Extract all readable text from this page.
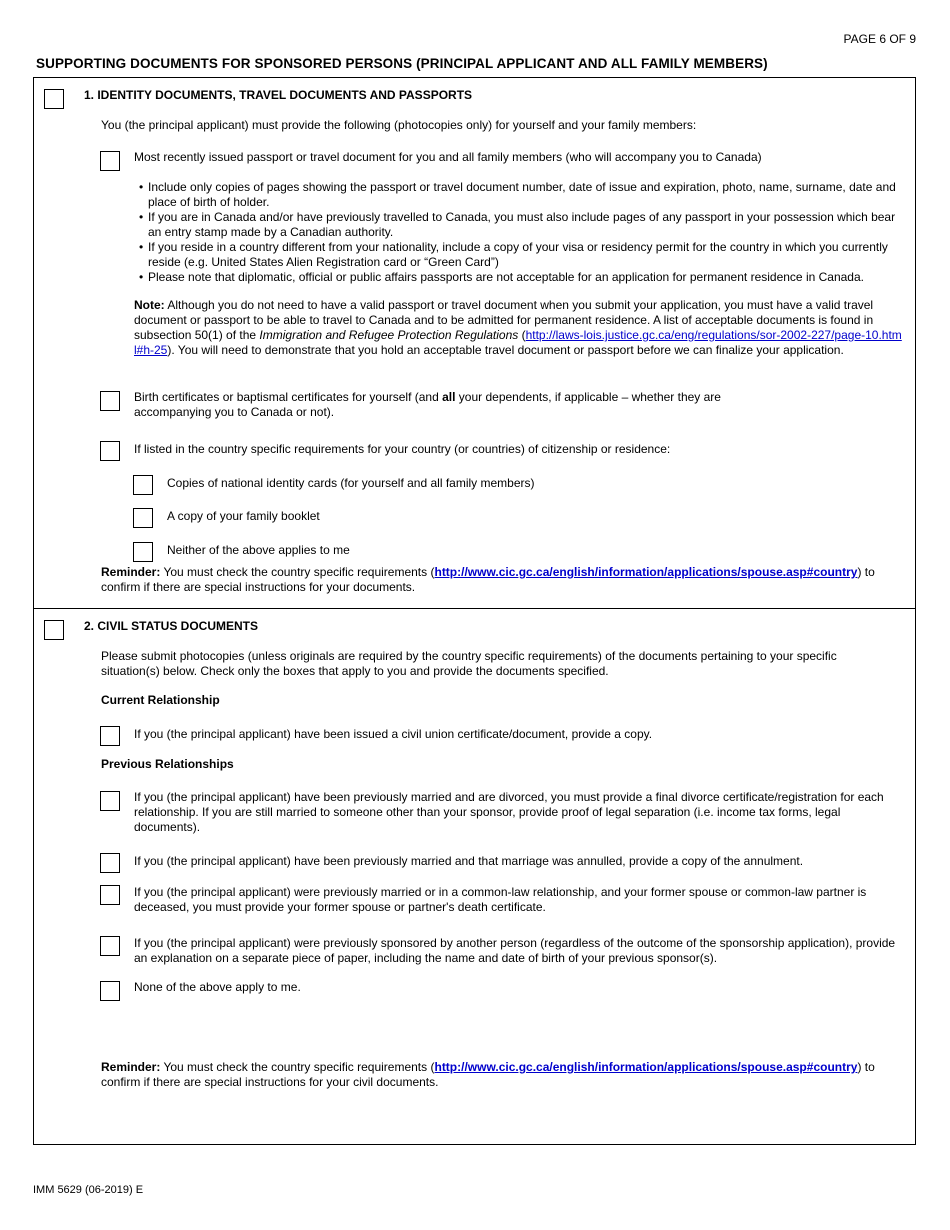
PAGE 6 OF 9
SUPPORTING DOCUMENTS FOR SPONSORED PERSONS (PRINCIPAL APPLICANT AND ALL FAMILY MEMBERS)
1. IDENTITY DOCUMENTS, TRAVEL DOCUMENTS AND PASSPORTS
You (the principal applicant) must provide the following (photocopies only) for yourself and your family members:
Most recently issued passport or travel document for you and all family members (who will accompany you to Canada)
• Include only copies of pages showing the passport or travel document number, date of issue and expiration, photo, name, surname, date and place of birth of holder.
• If you are in Canada and/or have previously travelled to Canada, you must also include pages of any passport in your possession which bear an entry stamp made by a Canadian authority.
• If you reside in a country different from your nationality, include a copy of your visa or residency permit for the country in which you currently reside (e.g. United States Alien Registration card or “Green Card”)
• Please note that diplomatic, official or public affairs passports are not acceptable for an application for permanent residence in Canada.
Note: Although you do not need to have a valid passport or travel document when you submit your application, you must have a valid travel document or passport to be able to travel to Canada and to be admitted for permanent residence. A list of acceptable documents is found in subsection 50(1) of the Immigration and Refugee Protection Regulations (http://laws-lois.justice.gc.ca/eng/regulations/sor-2002-227/page-10.html#h-25). You will need to demonstrate that you hold an acceptable travel document or passport before we can finalize your application.
Birth certificates or baptismal certificates for yourself (and all your dependents, if applicable – whether they are accompanying you to Canada or not).
If listed in the country specific requirements for your country (or countries) of citizenship or residence:
Copies of national identity cards (for yourself and all family members)
A copy of your family booklet
Neither of the above applies to me
Reminder: You must check the country specific requirements (http://www.cic.gc.ca/english/information/applications/spouse.asp#country) to confirm if there are special instructions for your documents.
2. CIVIL STATUS DOCUMENTS
Please submit photocopies (unless originals are required by the country specific requirements) of the documents pertaining to your specific situation(s) below. Check only the boxes that apply to you and provide the documents specified.
Current Relationship
If you (the principal applicant) have been issued a civil union certificate/document, provide a copy.
Previous Relationships
If you (the principal applicant) have been previously married and are divorced, you must provide a final divorce certificate/registration for each relationship. If you are still married to someone other than your sponsor, provide proof of legal separation (i.e. income tax forms, legal documents).
If you (the principal applicant) have been previously married and that marriage was annulled, provide a copy of the annulment.
If you (the principal applicant) were previously married or in a common-law relationship, and your former spouse or common-law partner is deceased, you must provide your former spouse or partner's death certificate.
If you (the principal applicant) were previously sponsored by another person (regardless of the outcome of the sponsorship application), provide an explanation on a separate piece of paper, including the name and date of birth of your previous sponsor(s).
None of the above apply to me.
Reminder: You must check the country specific requirements (http://www.cic.gc.ca/english/information/applications/spouse.asp#country) to confirm if there are special instructions for your civil documents.
IMM 5629 (06-2019) E
